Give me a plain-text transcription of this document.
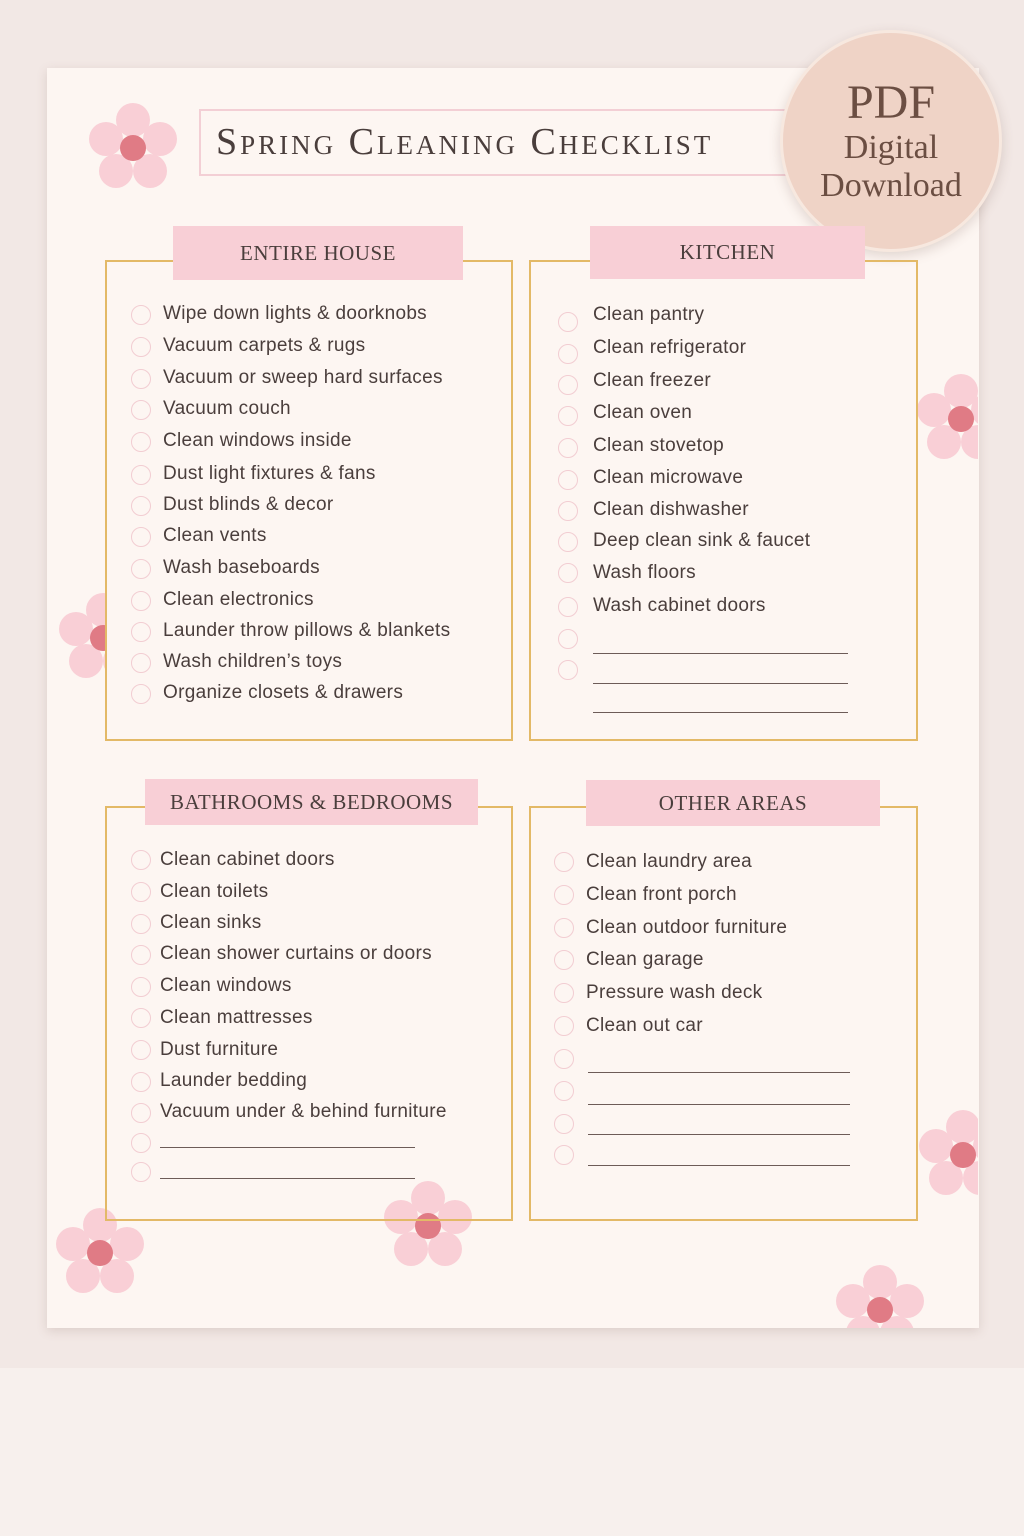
Spring Cleaning Checklist
PDF
Digital
Download
ENTIRE HOUSE
Wipe down lights & doorknobs
Vacuum carpets & rugs
Vacuum or sweep hard surfaces
Vacuum couch
Clean windows inside
Dust light fixtures & fans
Dust blinds & decor
Clean vents
Wash baseboards
Clean electronics
Launder throw pillows & blankets
Wash children’s toys
Organize closets & drawers
KITCHEN
Clean pantry
Clean refrigerator
Clean freezer
Clean oven
Clean stovetop
Clean microwave
Clean dishwasher
Deep clean sink & faucet
Wash floors
Wash cabinet doors
BATHROOMS & BEDROOMS
Clean cabinet doors
Clean toilets
Clean sinks
Clean shower curtains or doors
Clean windows
Clean mattresses
Dust furniture
Launder bedding
Vacuum under & behind furniture
OTHER AREAS
Clean laundry area
Clean front porch
Clean outdoor furniture
Clean garage
Pressure wash deck
Clean out car
